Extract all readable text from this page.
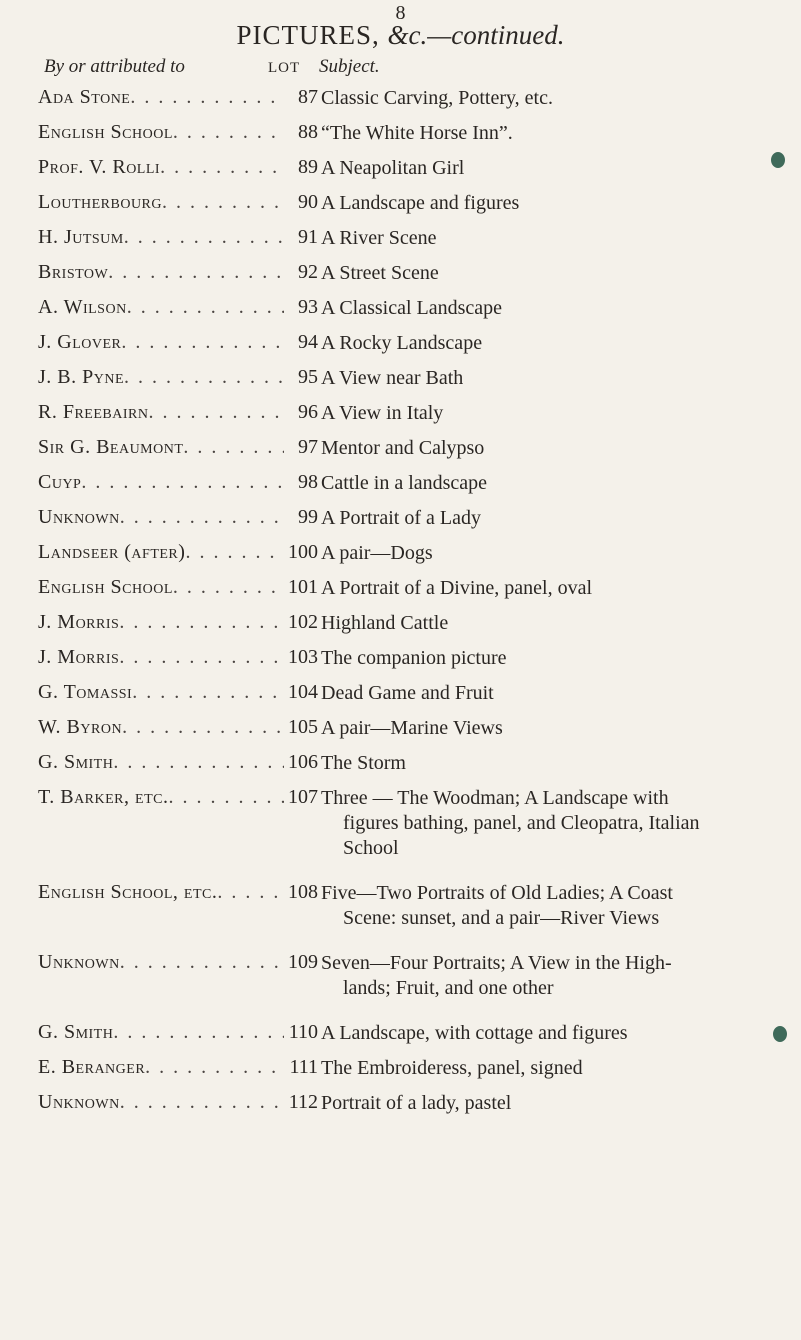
8
PICTURES, &c.—continued.
By or attributed to	LOT Subject.
Ada Stone . . .	87 Classic Carving, Pottery, etc.
English School . . .	88 “The White Horse Inn”.
Prof. V. Rolli . . .	89 A Neapolitan Girl
Loutherbourg . . .	90 A Landscape and figures
H. Jutsum . . .	91 A River Scene
Bristow . . .	92 A Street Scene
A. Wilson . . .	93 A Classical Landscape
J. Glover . . .	94 A Rocky Landscape
J. B. Pyne . . .	95 A View near Bath
R. Freebairn . . .	96 A View in Italy
Sir G. Beaumont . . .	97 Mentor and Calypso
Cuyp . . .	98 Cattle in a landscape
Unknown . . .	99 A Portrait of a Lady
Landseer (after) . . .	100 A pair—Dogs
English School . . .	101 A Portrait of a Divine, panel, oval
J. Morris . . .	102 Highland Cattle
J. Morris . . .	103 The companion picture
G. Tomassi . . .	104 Dead Game and Fruit
W. Byron . . .	105 A pair—Marine Views
G. Smith . . .	106 The Storm
T. Barker, etc. . . .	107 Three — The Woodman; A Landscape with
figures bathing, panel, and Cleopatra, Italian
School
English School, etc. . . .	108 Five—Two Portraits of Old Ladies; A Coast
Scene: sunset, and a pair—River Views
Unknown . . .	109 Seven—Four Portraits; A View in the High-
lands; Fruit, and one other
G. Smith . . .	110 A Landscape, with cottage and figures
E. Beranger . . .	111 The Embroideress, panel, signed
Unknown . . .	112 Portrait of a lady, pastel
